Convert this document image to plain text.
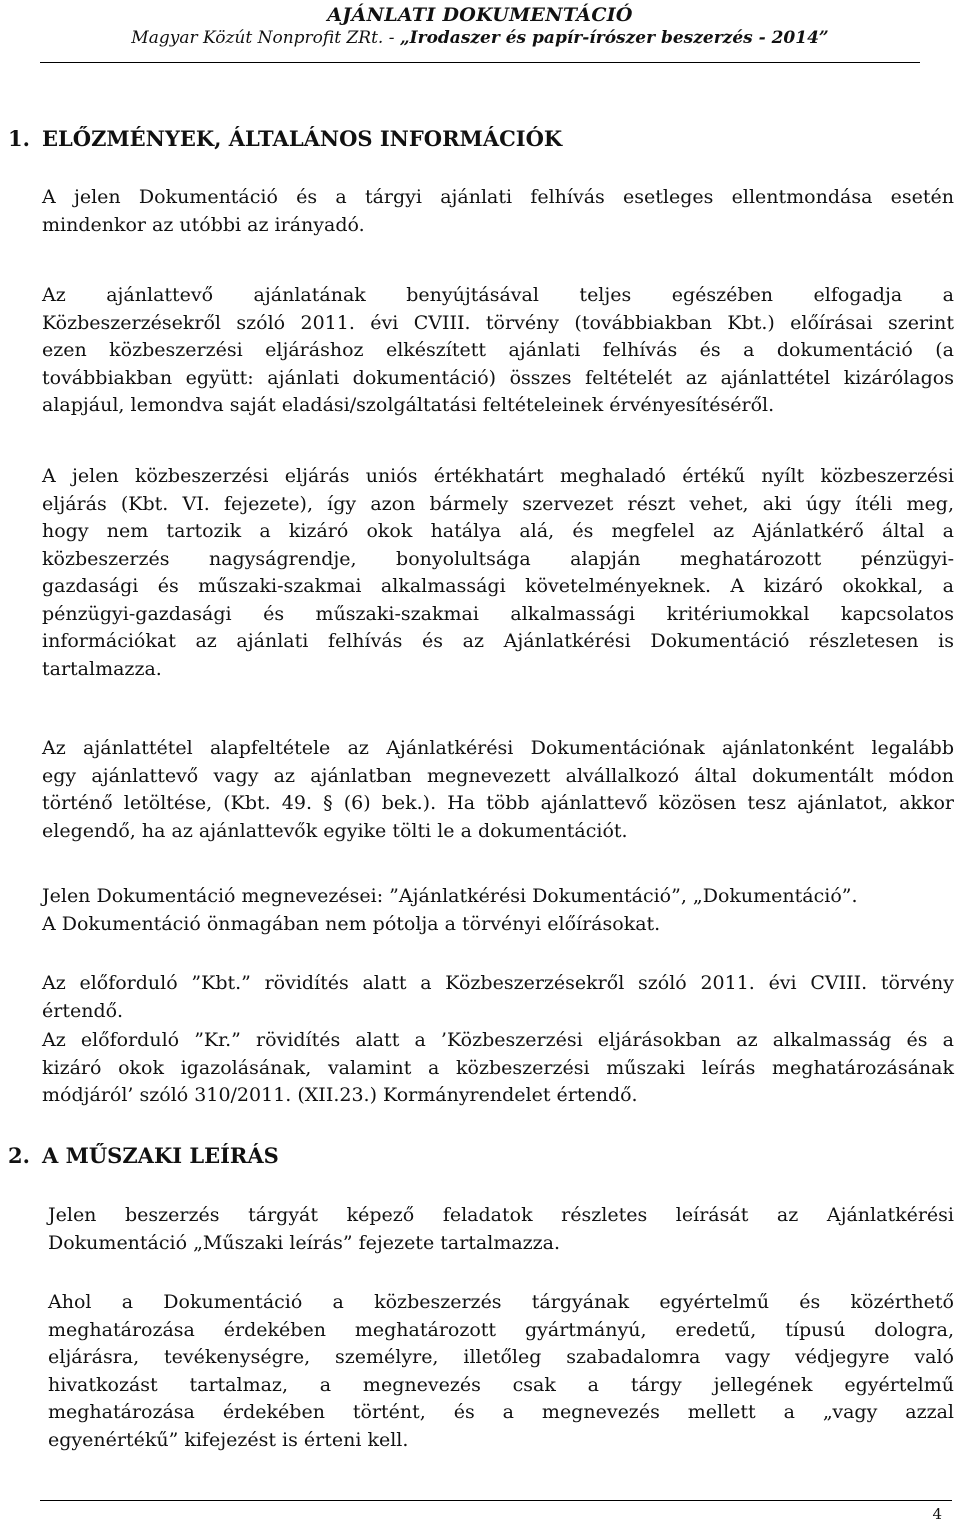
AJÁNLATI DOKUMENTÁCIÓ
Magyar Közút Nonprofit ZRt. - „Irodaszer és papír-írószer beszerzés - 2014”
1. ELŐZMÉNYEK, ÁLTALÁNOS INFORMÁCIÓK
A jelen Dokumentáció és a tárgyi ajánlati felhívás esetleges ellentmondása esetén
mindenkor az utóbbi az irányadó.
Az ajánlattevő ajánlatának benyújtásával teljes egészében elfogadja a
Közbeszerzésekről szóló 2011. évi CVIII. törvény (továbbiakban Kbt.) előírásai szerint
ezen közbeszerzési eljáráshoz elkészített ajánlati felhívás és a dokumentáció (a
továbbiakban együtt: ajánlati dokumentáció) összes feltételét az ajánlattétel kizárólagos
alapjául, lemondva saját eladási/szolgáltatási feltételeinek érvényesítéséről.
A jelen közbeszerzési eljárás uniós értékhatárt meghaladó értékű nyílt közbeszerzési
eljárás (Kbt. VI. fejezete), így azon bármely szervezet részt vehet, aki úgy ítéli meg,
hogy nem tartozik a kizáró okok hatálya alá, és megfelel az Ajánlatkérő által a
közbeszerzés nagyságrendje, bonyolultsága alapján meghatározott pénzügyi-
gazdasági és műszaki-szakmai alkalmassági követelményeknek. A kizáró okokkal, a
pénzügyi-gazdasági és műszaki-szakmai alkalmassági kritériumokkal kapcsolatos
információkat az ajánlati felhívás és az Ajánlatkérési Dokumentáció részletesen is
tartalmazza.
Az ajánlattétel alapfeltétele az Ajánlatkérési Dokumentációnak ajánlatonként legalább
egy ajánlattevő vagy az ajánlatban megnevezett alvállalkozó által dokumentált módon
történő letöltése, (Kbt. 49. § (6) bek.). Ha több ajánlattevő közösen tesz ajánlatot, akkor
elegendő, ha az ajánlattevők egyike tölti le a dokumentációt.
Jelen Dokumentáció megnevezései: ”Ajánlatkérési Dokumentáció”, „Dokumentáció”.
A Dokumentáció önmagában nem pótolja a törvényi előírásokat.
Az előforduló ”Kbt.” rövidítés alatt a Közbeszerzésekről szóló 2011. évi CVIII. törvény
értendő.
Az előforduló ”Kr.” rövidítés alatt a ’Közbeszerzési eljárásokban az alkalmasság és a
kizáró okok igazolásának, valamint a közbeszerzési műszaki leírás meghatározásának
módjáról’ szóló 310/2011. (XII.23.) Kormányrendelet értendő.
2. A MŰSZAKI LEÍRÁS
Jelen beszerzés tárgyát képező feladatok részletes leírását az Ajánlatkérési
Dokumentáció „Műszaki leírás” fejezete tartalmazza.
Ahol a Dokumentáció a közbeszerzés tárgyának egyértelmű és közérthető
meghatározása érdekében meghatározott gyártmányú, eredetű, típusú dologra,
eljárásra, tevékenységre, személyre, illetőleg szabadalomra vagy védjegyre való
hivatkozást tartalmaz, a megnevezés csak a tárgy jellegének egyértelmű
meghatározása érdekében történt, és a megnevezés mellett a „vagy azzal
egyenértékű” kifejezést is érteni kell.
4
